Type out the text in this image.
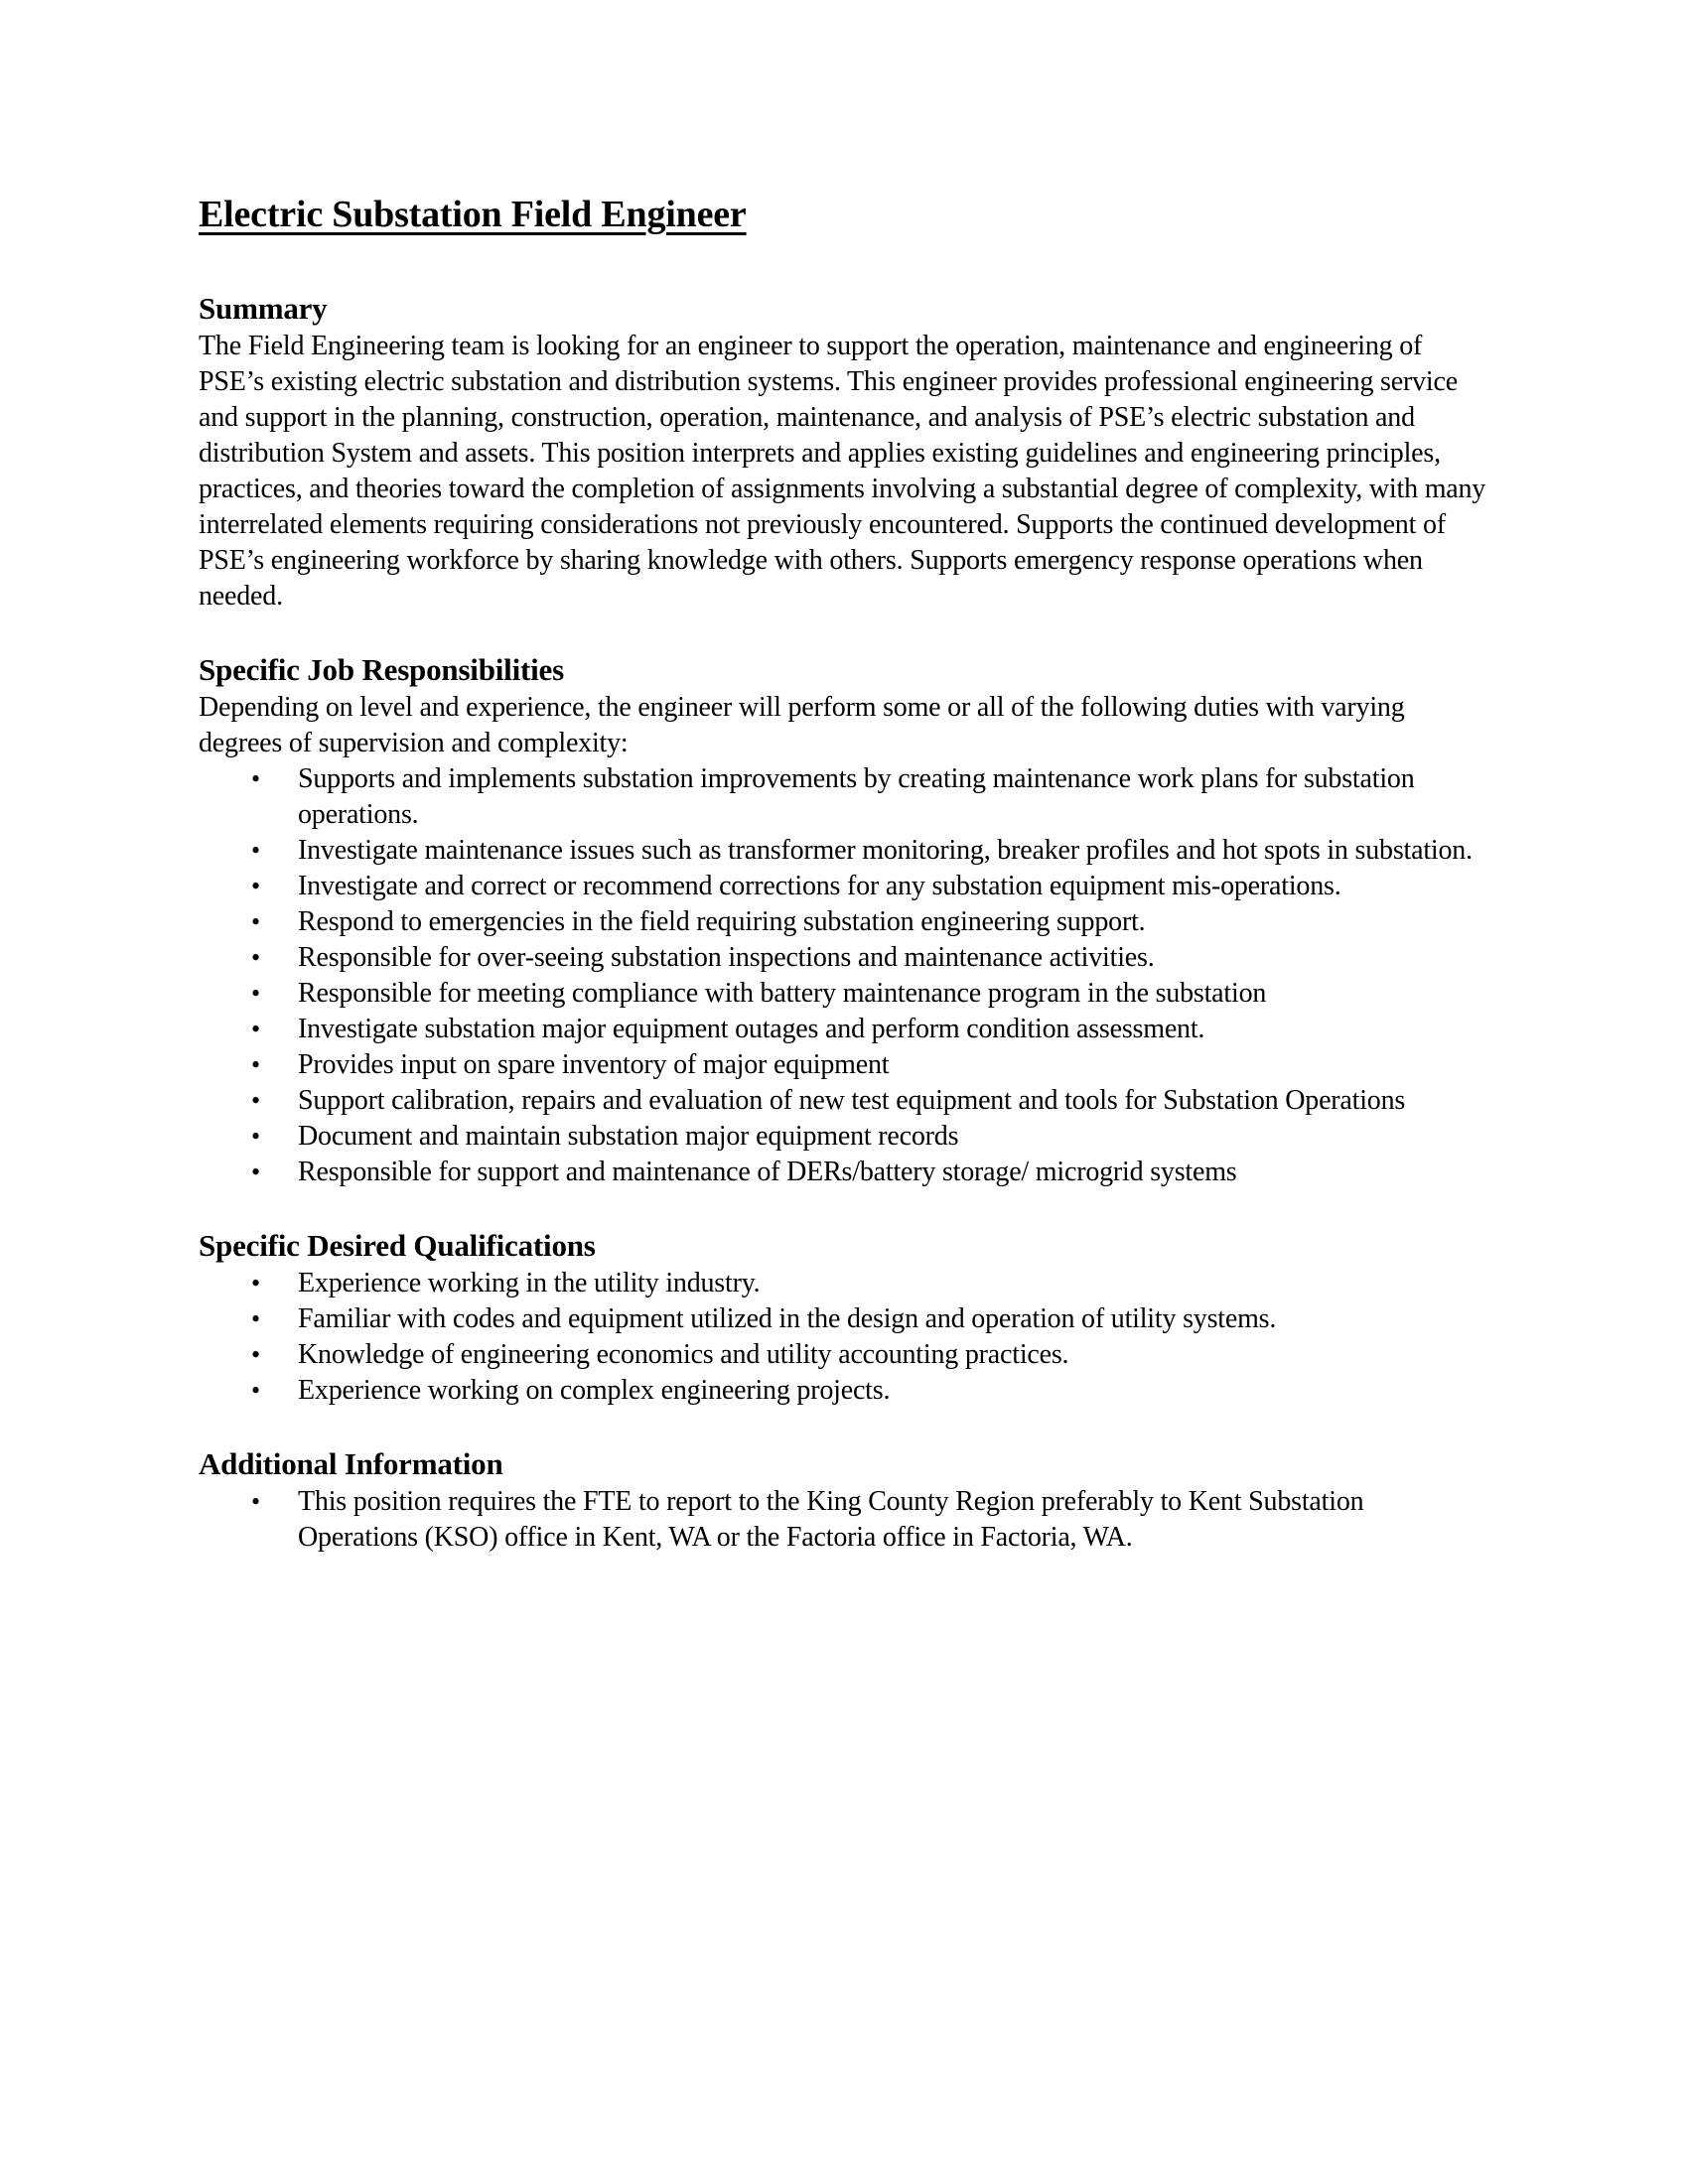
Electric Substation Field Engineer
Summary

The Field Engineering team is looking for an engineer to support the operation, maintenance and engineering of PSE’s existing electric substation and distribution systems. This engineer provides professional engineering service and support in the planning, construction, operation, maintenance, and analysis of PSE’s electric substation and distribution System and assets. This position interprets and applies existing guidelines and engineering principles, practices, and theories toward the completion of assignments involving a substantial degree of complexity, with many interrelated elements requiring considerations not previously encountered. Supports the continued development of PSE’s engineering workforce by sharing knowledge with others. Supports emergency response operations when needed.

Specific Job Responsibilities

Depending on level and experience, the engineer will perform some or all of the following duties with varying degrees of supervision and complexity:

• Supports and implements substation improvements by creating maintenance work plans for substation operations.
• Investigate maintenance issues such as transformer monitoring, breaker profiles and hot spots in substation.
• Investigate and correct or recommend corrections for any substation equipment mis-operations.
• Respond to emergencies in the field requiring substation engineering support.
• Responsible for over-seeing substation inspections and maintenance activities.
• Responsible for meeting compliance with battery maintenance program in the substation
• Investigate substation major equipment outages and perform condition assessment.
• Provides input on spare inventory of major equipment
• Support calibration, repairs and evaluation of new test equipment and tools for Substation Operations
• Document and maintain substation major equipment records
• Responsible for support and maintenance of DERs/battery storage/ microgrid systems
Specific Desired Qualifications
• Experience working in the utility industry.
• Familiar with codes and equipment utilized in the design and operation of utility systems.
• Knowledge of engineering economics and utility accounting practices.
• Experience working on complex engineering projects.
Additional Information
• This position requires the FTE to report to the King County Region preferably to Kent Substation Operations (KSO) office in Kent, WA or the Factoria office in Factoria, WA.
